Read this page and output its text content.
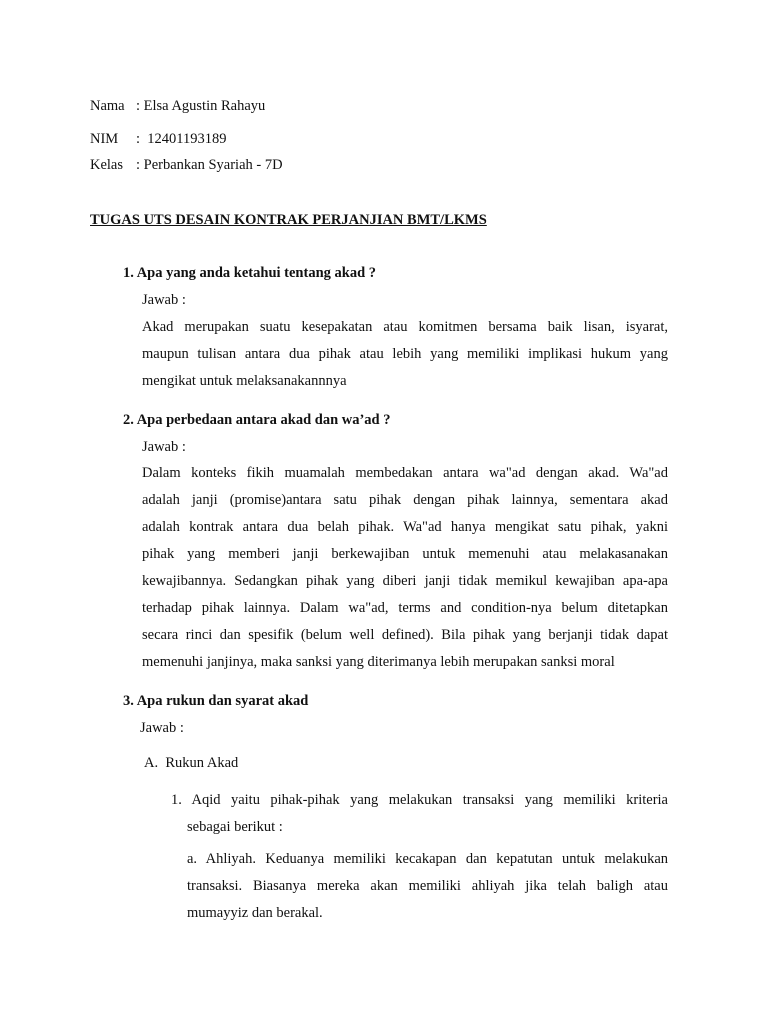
Nama : Elsa Agustin Rahayu
NIM :  12401193189
Kelas : Perbankan Syariah - 7D
TUGAS UTS DESAIN KONTRAK PERJANJIAN BMT/LKMS
1. Apa yang anda ketahui tentang akad ?
Jawab :
Akad merupakan suatu kesepakatan atau komitmen bersama baik lisan, isyarat,
maupun tulisan antara dua pihak atau lebih yang memiliki implikasi hukum yang
mengikat untuk melaksanakannnya
2. Apa perbedaan antara akad dan wa’ad ?
Jawab :
Dalam konteks fikih muamalah membedakan antara wa"ad dengan akad. Wa"ad
adalah janji (promise)antara satu pihak dengan pihak lainnya, sementara akad
adalah kontrak antara dua belah pihak. Wa"ad hanya mengikat satu pihak, yakni
pihak yang memberi janji berkewajiban untuk memenuhi atau melakasanakan
kewajibannya. Sedangkan pihak yang diberi janji tidak memikul kewajiban apa-apa
terhadap pihak lainnya. Dalam wa"ad, terms and condition-nya belum ditetapkan
secara rinci dan spesifik (belum well defined). Bila pihak yang berjanji tidak dapat
memenuhi janjinya, maka sanksi yang diterimanya lebih merupakan sanksi moral
3. Apa rukun dan syarat akad
Jawab :
A.  Rukun Akad
1. Aqid yaitu pihak-pihak yang melakukan transaksi yang memiliki kriteria
sebagai berikut :
a. Ahliyah. Keduanya memiliki kecakapan dan kepatutan untuk melakukan
transaksi. Biasanya mereka akan memiliki ahliyah jika telah baligh atau
mumayyiz dan berakal.
